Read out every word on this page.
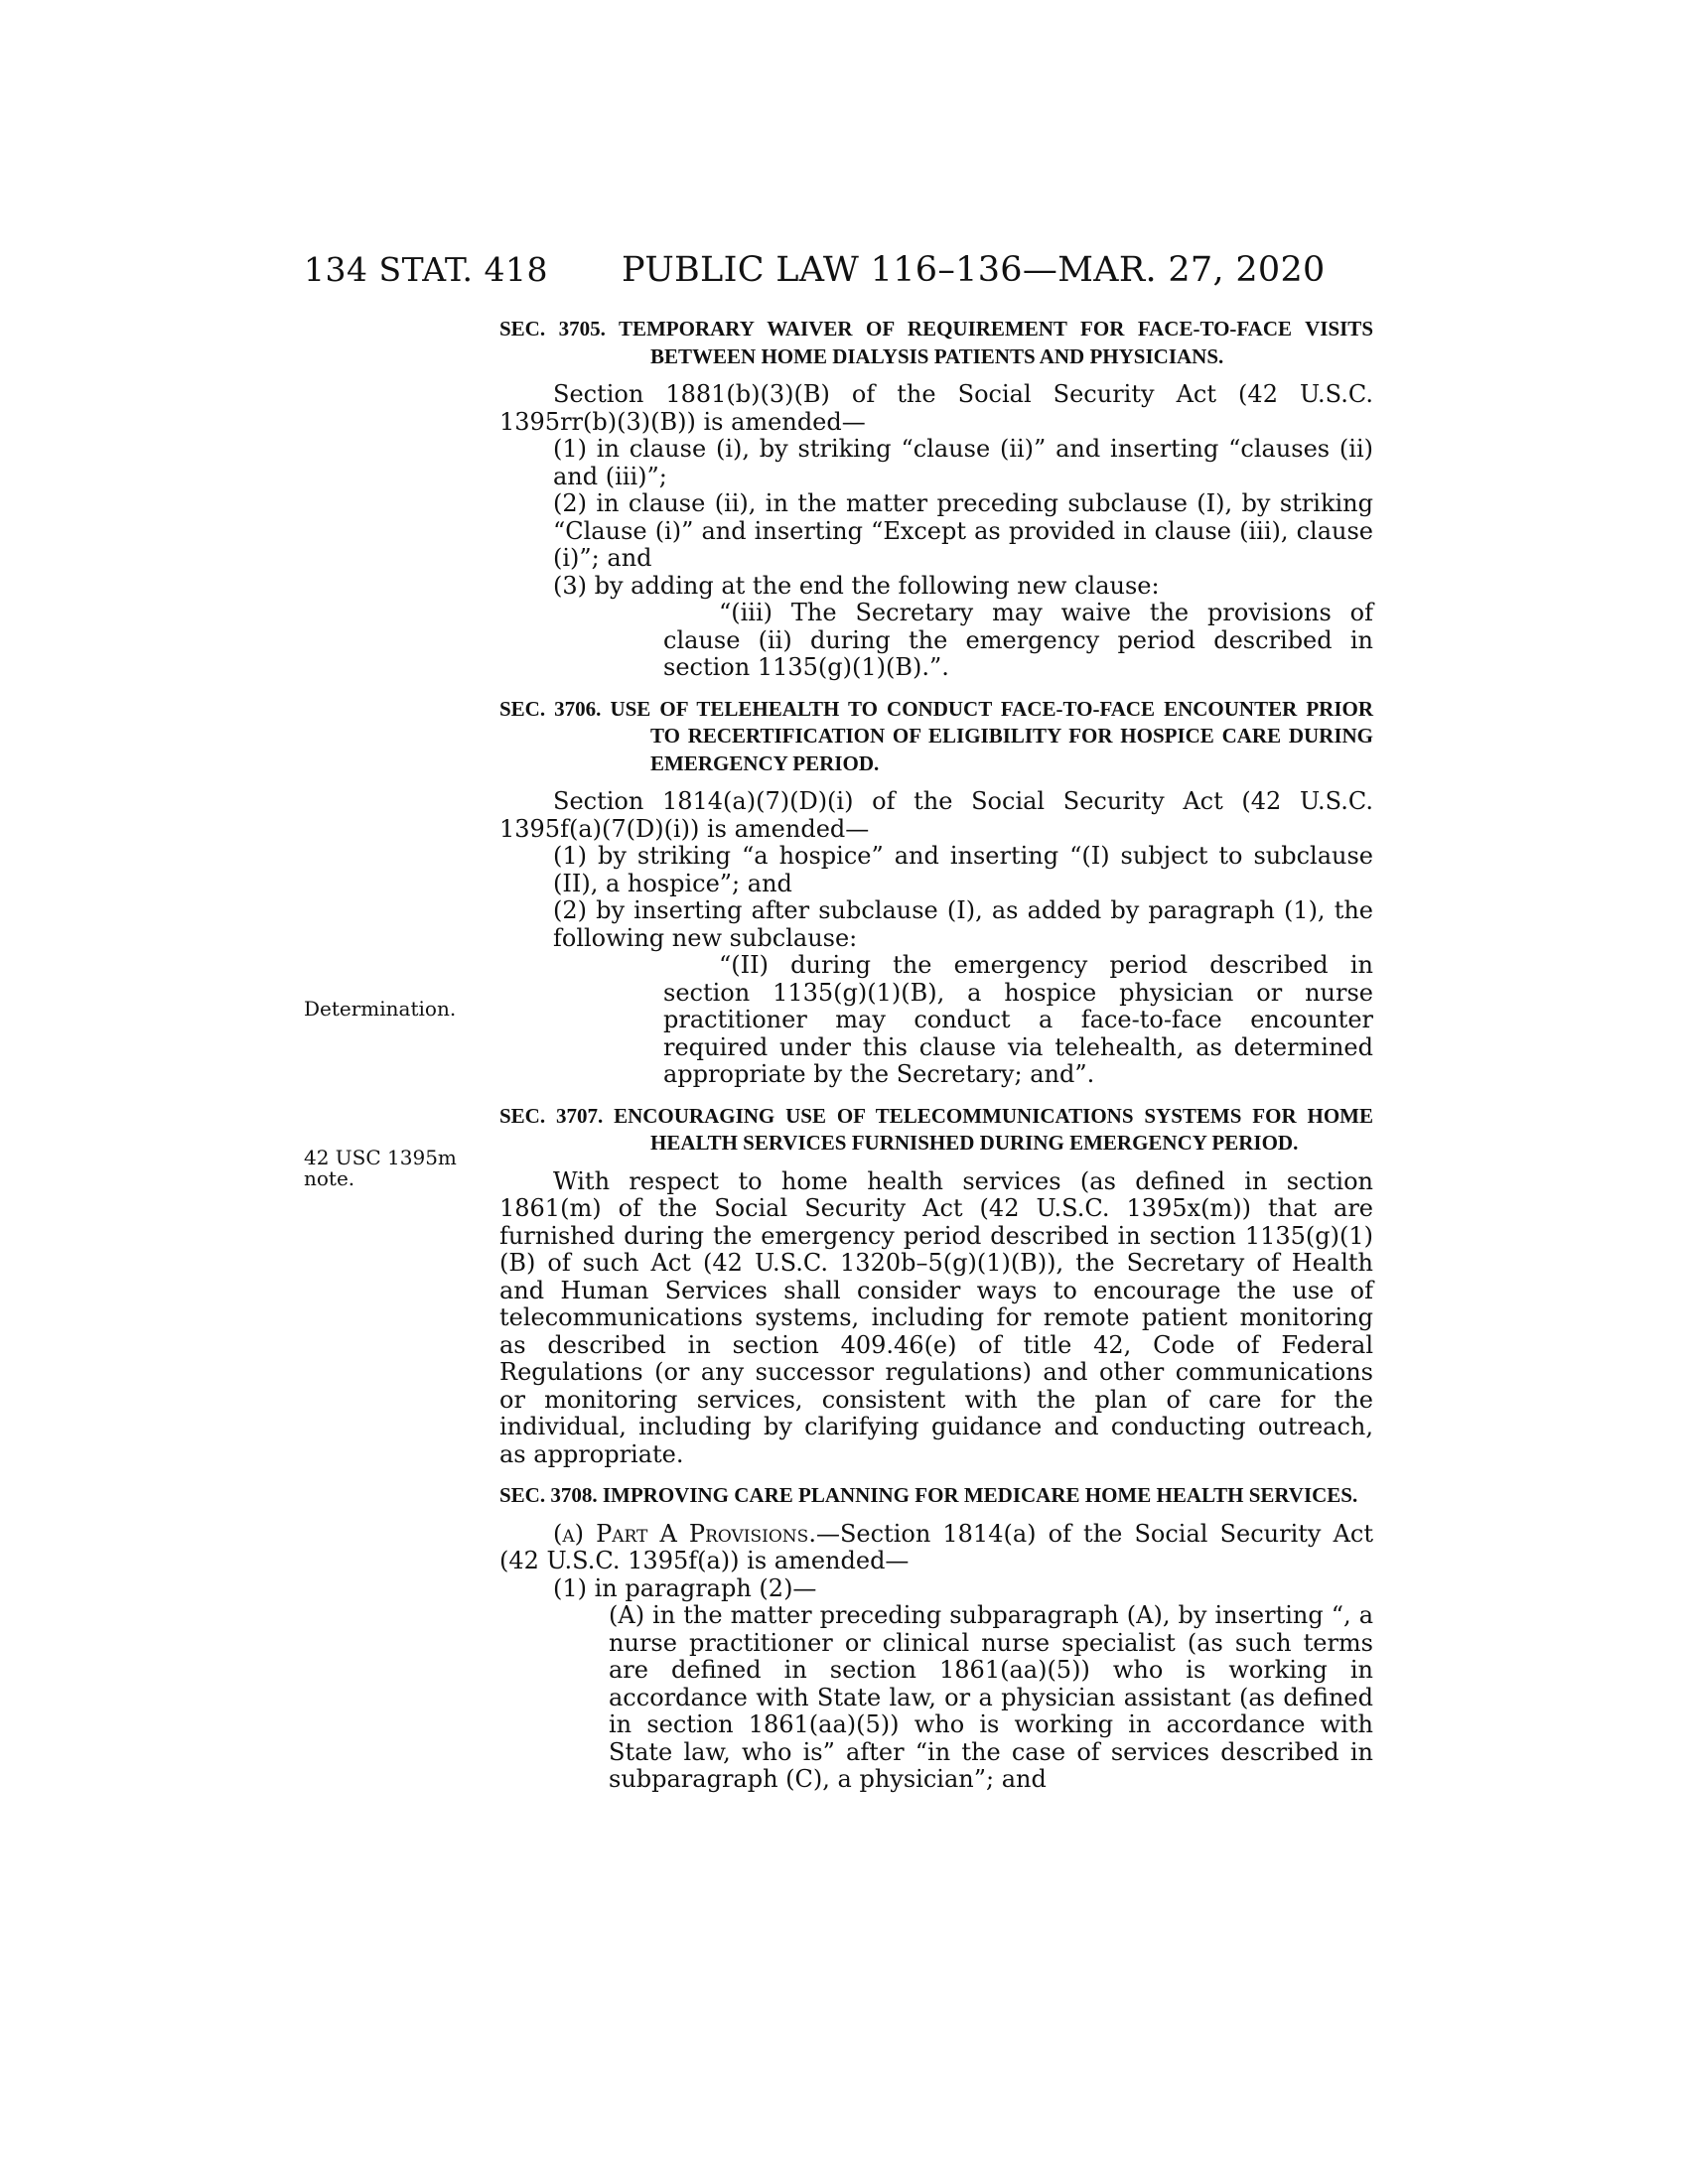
134 STAT. 418 PUBLIC LAW 116–136—MAR. 27, 2020
Determination.
42 USC 1395m
note.
SEC. 3705. TEMPORARY WAIVER OF REQUIREMENT FOR FACE-TO-FACE VISITS BETWEEN HOME DIALYSIS PATIENTS AND PHYSICIANS.

Section 1881(b)(3)(B) of the Social Security Act (42 U.S.C. 1395rr(b)(3)(B)) is amended—

(1) in clause (i), by striking “clause (ii)” and inserting “clauses (ii) and (iii)”;

(2) in clause (ii), in the matter preceding subclause (I), by striking “Clause (i)” and inserting “Except as provided in clause (iii), clause (i)”; and

(3) by adding at the end the following new clause:

“(iii) The Secretary may waive the provisions of clause (ii) during the emergency period described in section 1135(g)(1)(B).”.

SEC. 3706. USE OF TELEHEALTH TO CONDUCT FACE-TO-FACE ENCOUNTER PRIOR TO RECERTIFICATION OF ELIGIBILITY FOR HOSPICE CARE DURING EMERGENCY PERIOD.

Section 1814(a)(7)(D)(i) of the Social Security Act (42 U.S.C. 1395f(a)(7(D)(i)) is amended—

(1) by striking “a hospice” and inserting “(I) subject to subclause (II), a hospice”; and

(2) by inserting after subclause (I), as added by paragraph (1), the following new subclause:

“(II) during the emergency period described in section 1135(g)(1)(B), a hospice physician or nurse practitioner may conduct a face-to-face encounter required under this clause via telehealth, as determined appropriate by the Secretary; and”.

SEC. 3707. ENCOURAGING USE OF TELECOMMUNICATIONS SYSTEMS FOR HOME HEALTH SERVICES FURNISHED DURING EMERGENCY PERIOD.

With respect to home health services (as defined in section 1861(m) of the Social Security Act (42 U.S.C. 1395x(m)) that are furnished during the emergency period described in section 1135(g)(1)(B) of such Act (42 U.S.C. 1320b–5(g)(1)(B)), the Secretary of Health and Human Services shall consider ways to encourage the use of telecommunications systems, including for remote patient monitoring as described in section 409.46(e) of title 42, Code of Federal Regulations (or any successor regulations) and other communications or monitoring services, consistent with the plan of care for the individual, including by clarifying guidance and conducting outreach, as appropriate.

SEC. 3708. IMPROVING CARE PLANNING FOR MEDICARE HOME HEALTH SERVICES.

(a) Part A Provisions.—Section 1814(a) of the Social Security Act (42 U.S.C. 1395f(a)) is amended—

(1) in paragraph (2)—

(A) in the matter preceding subparagraph (A), by inserting “, a nurse practitioner or clinical nurse specialist (as such terms are defined in section 1861(aa)(5)) who is working in accordance with State law, or a physician assistant (as defined in section 1861(aa)(5)) who is working in accordance with State law, who is” after “in the case of services described in subparagraph (C), a physician”; and
